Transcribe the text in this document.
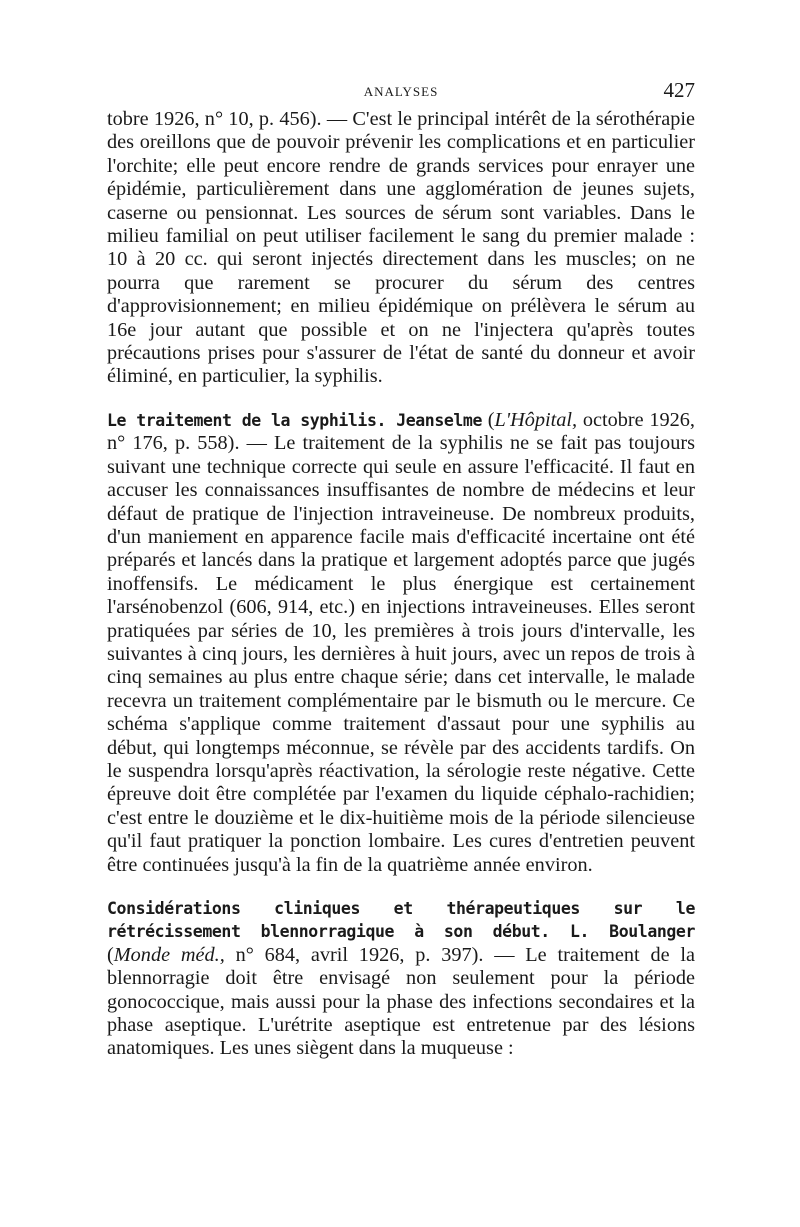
ANALYSES	427

tobre 1926, n° 10, p. 456). — C'est le principal intérêt de la sérothérapie des oreillons que de pouvoir prévenir les complications et en particulier l'orchite; elle peut encore rendre de grands services pour enrayer une épidémie, particulièrement dans une agglomération de jeunes sujets, caserne ou pensionnat. Les sources de sérum sont variables. Dans le milieu familial on peut utiliser facilement le sang du premier malade : 10 à 20 cc. qui seront injectés directement dans les muscles; on ne pourra que rarement se procurer du sérum des centres d'approvisionnement; en milieu épidémique on prélèvera le sérum au 16e jour autant que possible et on ne l'injectera qu'après toutes précautions prises pour s'assurer de l'état de santé du donneur et avoir éliminé, en particulier, la syphilis.

Le traitement de la syphilis. Jeanselme (L'Hôpital, octobre 1926, n° 176, p. 558). — Le traitement de la syphilis ne se fait pas toujours suivant une technique correcte qui seule en assure l'efficacité. Il faut en accuser les connaissances insuffisantes de nombre de médecins et leur défaut de pratique de l'injection intraveineuse. De nombreux produits, d'un maniement en apparence facile mais d'efficacité incertaine ont été préparés et lancés dans la pratique et largement adoptés parce que jugés inoffensifs. Le médicament le plus énergique est certainement l'arsénobenzol (606, 914, etc.) en injections intraveineuses. Elles seront pratiquées par séries de 10, les premières à trois jours d'intervalle, les suivantes à cinq jours, les dernières à huit jours, avec un repos de trois à cinq semaines au plus entre chaque série; dans cet intervalle, le malade recevra un traitement complémentaire par le bismuth ou le mercure. Ce schéma s'applique comme traitement d'assaut pour une syphilis au début, qui longtemps méconnue, se révèle par des accidents tardifs. On le suspendra lorsqu'après réactivation, la sérologie reste négative. Cette épreuve doit être complétée par l'examen du liquide céphalo-rachidien; c'est entre le douzième et le dix-huitième mois de la période silencieuse qu'il faut pratiquer la ponction lombaire. Les cures d'entretien peuvent être continuées jusqu'à la fin de la quatrième année environ.

Considérations cliniques et thérapeutiques sur le rétrécissement blennorragique à son début. L. Boulanger (Monde méd., n° 684, avril 1926, p. 397). — Le traitement de la blennorragie doit être envisagé non seulement pour la période gonococcique, mais aussi pour la phase des infections secondaires et la phase aseptique. L'urétrite aseptique est entretenue par des lésions anatomiques. Les unes siègent dans la muqueuse :
